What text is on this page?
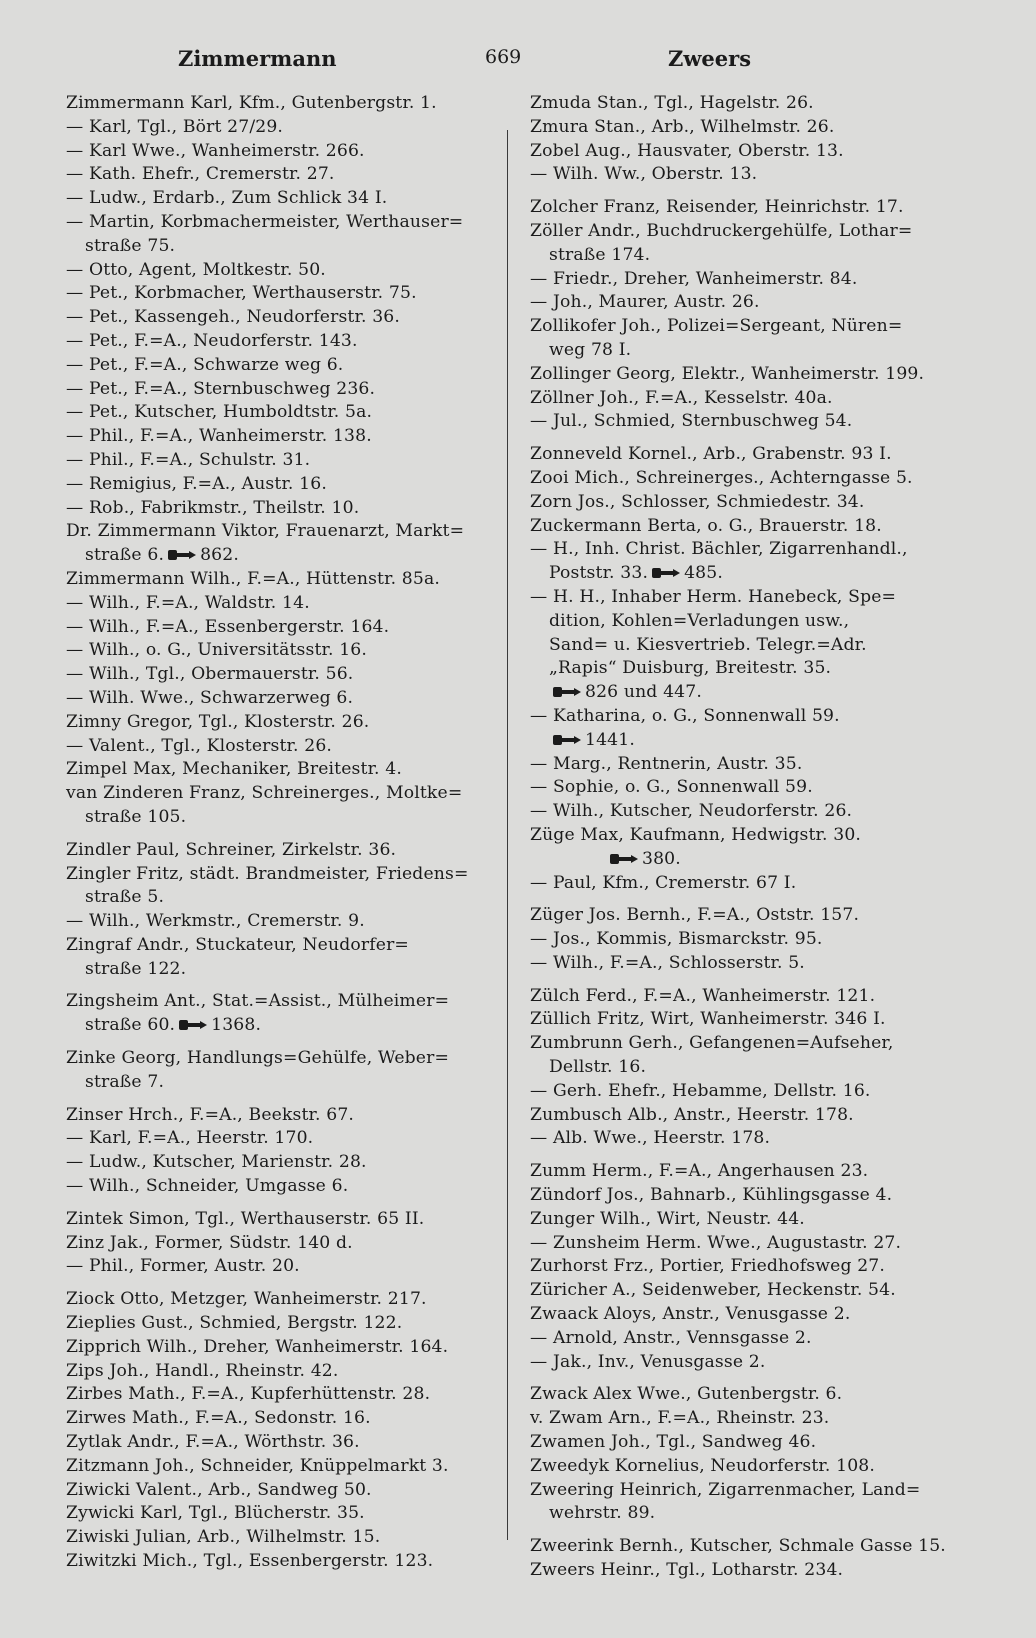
Zimmermann	669	Zweers
Zimmermann Karl, Kfm., Gutenbergstr. 1.
— Karl, Tgl., Bört 27/29.
— Karl Wwe., Wanheimerstr. 266.
— Kath. Ehefr., Cremerstr. 27.
— Ludw., Erdarb., Zum Schlick 34 I.
— Martin, Korbmachermeister, Werthauser=
straße 75.
— Otto, Agent, Moltkestr. 50.
— Pet., Korbmacher, Werthauserstr. 75.
— Pet., Kassengeh., Neudorferstr. 36.
— Pet., F.=A., Neudorferstr. 143.
— Pet., F.=A., Schwarze weg 6.
— Pet., F.=A., Sternbuschweg 236.
— Pet., Kutscher, Humboldtstr. 5a.
— Phil., F.=A., Wanheimerstr. 138.
— Phil., F.=A., Schulstr. 31.
— Remigius, F.=A., Austr. 16.
— Rob., Fabrikmstr., Theilstr. 10.
Dr. Zimmermann Viktor, Frauenarzt, Markt=
straße 6. 862.
Zimmermann Wilh., F.=A., Hüttenstr. 85a.
— Wilh., F.=A., Waldstr. 14.
— Wilh., F.=A., Essenbergerstr. 164.
— Wilh., o. G., Universitätsstr. 16.
— Wilh., Tgl., Obermauerstr. 56.
— Wilh. Wwe., Schwarzerweg 6.
Zimny Gregor, Tgl., Klosterstr. 26.
— Valent., Tgl., Klosterstr. 26.
Zimpel Max, Mechaniker, Breitestr. 4.
van Zinderen Franz, Schreinerges., Moltke=
straße 105.
Zindler Paul, Schreiner, Zirkelstr. 36.
Zingler Fritz, städt. Brandmeister, Friedens=
straße 5.
— Wilh., Werkmstr., Cremerstr. 9.
Zingraf Andr., Stuckateur, Neudorfer=
straße 122.
Zingsheim Ant., Stat.=Assist., Mülheimer=
straße 60. 1368.
Zinke Georg, Handlungs=Gehülfe, Weber=
straße 7.
Zinser Hrch., F.=A., Beekstr. 67.
— Karl, F.=A., Heerstr. 170.
— Ludw., Kutscher, Marienstr. 28.
— Wilh., Schneider, Umgasse 6.
Zintek Simon, Tgl., Werthauserstr. 65 II.
Zinz Jak., Former, Südstr. 140 d.
— Phil., Former, Austr. 20.
Ziock Otto, Metzger, Wanheimerstr. 217.
Zieplies Gust., Schmied, Bergstr. 122.
Zipprich Wilh., Dreher, Wanheimerstr. 164.
Zips Joh., Handl., Rheinstr. 42.
Zirbes Math., F.=A., Kupferhüttenstr. 28.
Zirwes Math., F.=A., Sedonstr. 16.
Zytlak Andr., F.=A., Wörthstr. 36.
Zitzmann Joh., Schneider, Knüppelmarkt 3.
Ziwicki Valent., Arb., Sandweg 50.
Zywicki Karl, Tgl., Blücherstr. 35.
Ziwiski Julian, Arb., Wilhelmstr. 15.
Ziwitzki Mich., Tgl., Essenbergerstr. 123.
Zmuda Stan., Tgl., Hagelstr. 26.
Zmura Stan., Arb., Wilhelmstr. 26.
Zobel Aug., Hausvater, Oberstr. 13.
— Wilh. Ww., Oberstr. 13.
Zolcher Franz, Reisender, Heinrichstr. 17.
Zöller Andr., Buchdruckergehülfe, Lothar=
straße 174.
— Friedr., Dreher, Wanheimerstr. 84.
— Joh., Maurer, Austr. 26.
Zollikofer Joh., Polizei=Sergeant, Nüren=
weg 78 I.
Zollinger Georg, Elektr., Wanheimerstr. 199.
Zöllner Joh., F.=A., Kesselstr. 40a.
— Jul., Schmied, Sternbuschweg 54.
Zonneveld Kornel., Arb., Grabenstr. 93 I.
Zooi Mich., Schreinerges., Achterngasse 5.
Zorn Jos., Schlosser, Schmiedestr. 34.
Zuckermann Berta, o. G., Brauerstr. 18.
— H., Inh. Christ. Bächler, Zigarrenhandl.,
Poststr. 33. 485.
— H. H., Inhaber Herm. Hanebeck, Spe=
dition, Kohlen=Verladungen usw.,
Sand= u. Kiesvertrieb. Telegr.=Adr.
„Rapis“ Duisburg, Breitestr. 35.
826 und 447.
— Katharina, o. G., Sonnenwall 59.
1441.
— Marg., Rentnerin, Austr. 35.
— Sophie, o. G., Sonnenwall 59.
— Wilh., Kutscher, Neudorferstr. 26.
Züge Max, Kaufmann, Hedwigstr. 30.
380.
— Paul, Kfm., Cremerstr. 67 I.
Züger Jos. Bernh., F.=A., Oststr. 157.
— Jos., Kommis, Bismarckstr. 95.
— Wilh., F.=A., Schlosserstr. 5.
Zülch Ferd., F.=A., Wanheimerstr. 121.
Züllich Fritz, Wirt, Wanheimerstr. 346 I.
Zumbrunn Gerh., Gefangenen=Aufseher,
Dellstr. 16.
— Gerh. Ehefr., Hebamme, Dellstr. 16.
Zumbusch Alb., Anstr., Heerstr. 178.
— Alb. Wwe., Heerstr. 178.
Zumm Herm., F.=A., Angerhausen 23.
Zündorf Jos., Bahnarb., Kühlingsgasse 4.
Zunger Wilh., Wirt, Neustr. 44.
— Zunsheim Herm. Wwe., Augustastr. 27.
Zurhorst Frz., Portier, Friedhofsweg 27.
Züricher A., Seidenweber, Heckenstr. 54.
Zwaack Aloys, Anstr., Venusgasse 2.
— Arnold, Anstr., Vennsgasse 2.
— Jak., Inv., Venusgasse 2.
Zwack Alex Wwe., Gutenbergstr. 6.
v. Zwam Arn., F.=A., Rheinstr. 23.
Zwamen Joh., Tgl., Sandweg 46.
Zweedyk Kornelius, Neudorferstr. 108.
Zweering Heinrich, Zigarrenmacher, Land=
wehrstr. 89.
Zweerink Bernh., Kutscher, Schmale Gasse 15.
Zweers Heinr., Tgl., Lotharstr. 234.
